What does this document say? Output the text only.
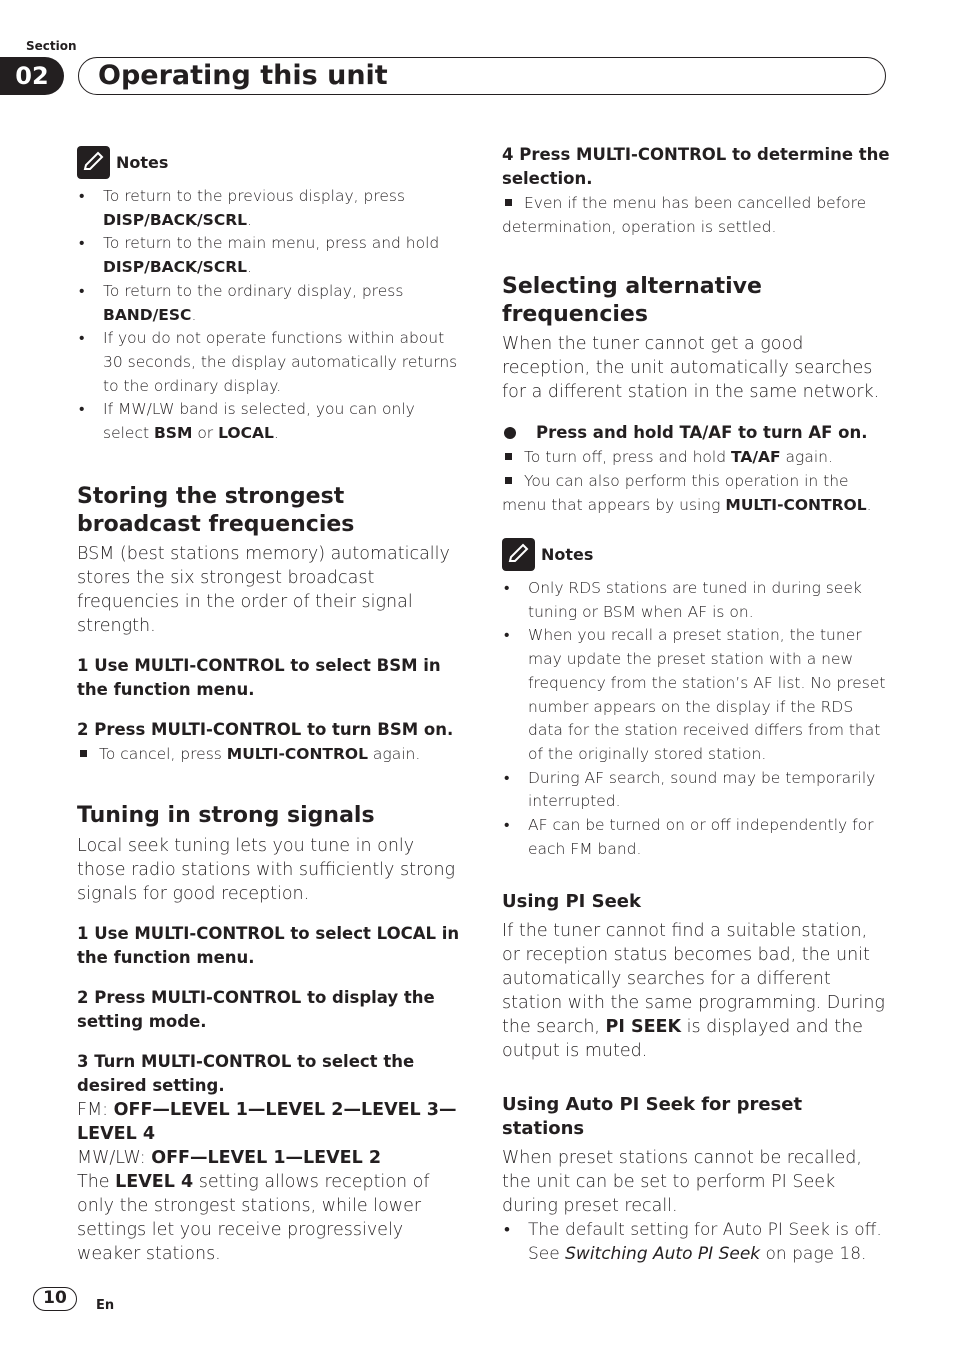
Section
02	Operating this unit
Notes
• To return to the previous display, press DISP/BACK/SCRL.
• To return to the main menu, press and hold DISP/BACK/SCRL.
• To return to the ordinary display, press BAND/ESC.
• If you do not operate functions within about 30 seconds, the display automatically returns to the ordinary display.
• If MW/LW band is selected, you can only select BSM or LOCAL.
Storing the strongest broadcast frequencies

BSM (best stations memory) automatically stores the six strongest broadcast frequencies in the order of their signal strength.

1 Use MULTI-CONTROL to select BSM in the function menu.

2 Press MULTI-CONTROL to turn BSM on.

To cancel, press MULTI-CONTROL again.

Tuning in strong signals

Local seek tuning lets you tune in only those radio stations with sufficiently strong signals for good reception.

1 Use MULTI-CONTROL to select LOCAL in the function menu.

2 Press MULTI-CONTROL to display the setting mode.

3 Turn MULTI-CONTROL to select the desired setting.

FM: OFF—LEVEL 1—LEVEL 2—LEVEL 3—LEVEL 4

MW/LW: OFF—LEVEL 1—LEVEL 2

The LEVEL 4 setting allows reception of only the strongest stations, while lower settings let you receive progressively weaker stations.

4 Press MULTI-CONTROL to determine the selection.

Even if the menu has been cancelled before determination, operation is settled.

Selecting alternative frequencies

When the tuner cannot get a good reception, the unit automatically searches for a different station in the same network.

Press and hold TA/AF to turn AF on.

To turn off, press and hold TA/AF again.

You can also perform this operation in the menu that appears by using MULTI-CONTROL.

Notes
• Only RDS stations are tuned in during seek tuning or BSM when AF is on.
• When you recall a preset station, the tuner may update the preset station with a new frequency from the station’s AF list. No preset number appears on the display if the RDS data for the station received differs from that of the originally stored station.
• During AF search, sound may be temporarily interrupted.
• AF can be turned on or off independently for each FM band.
Using PI Seek

If the tuner cannot find a suitable station, or reception status becomes bad, the unit automatically searches for a different station with the same programming. During the search, PI SEEK is displayed and the output is muted.

Using Auto PI Seek for preset stations

When preset stations cannot be recalled, the unit can be set to perform PI Seek during preset recall.

• The default setting for Auto PI Seek is off. See Switching Auto PI Seek on page 18.
10	En
